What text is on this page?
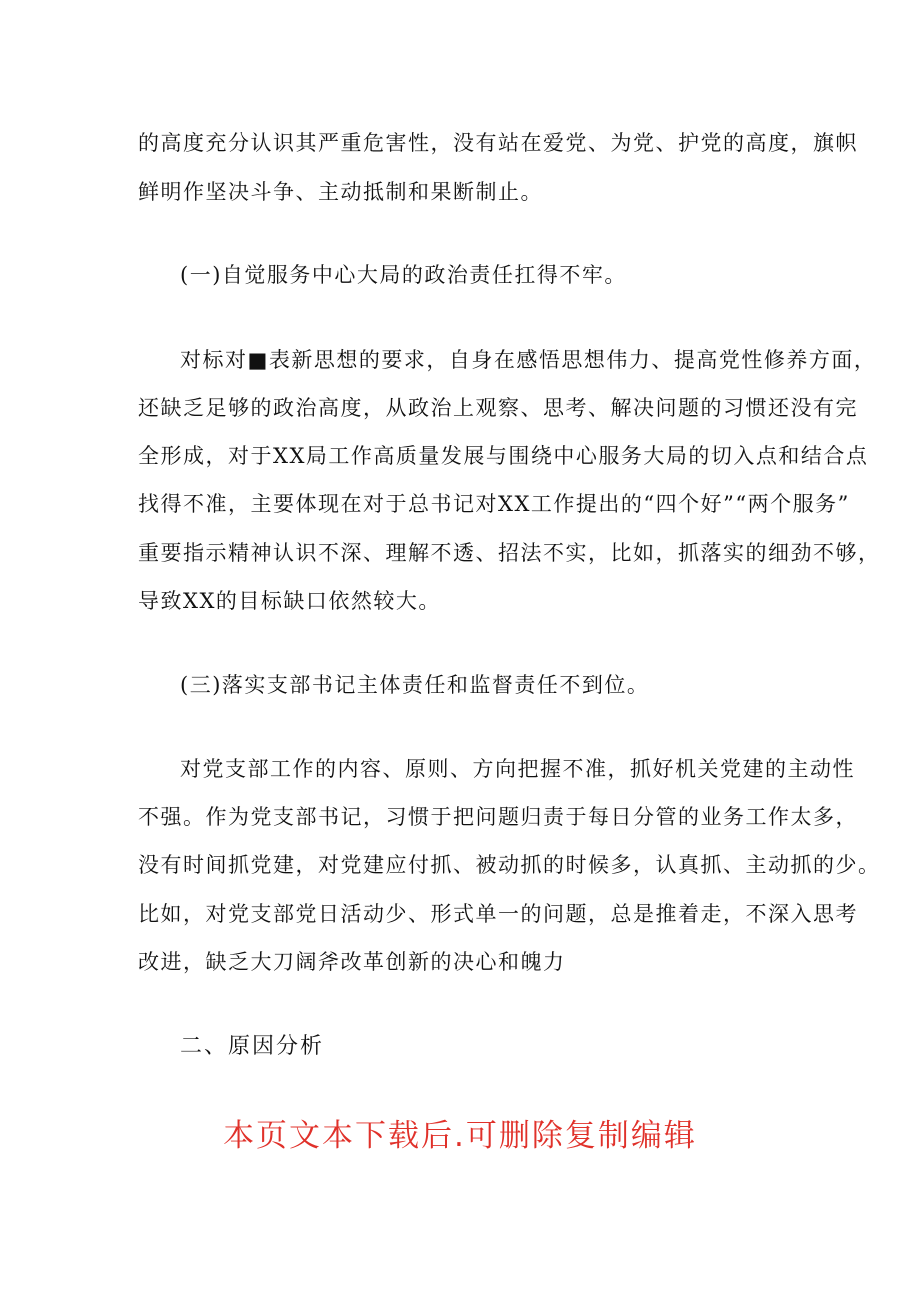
的高度充分认识其严重危害性，没有站在爱党、为党、护党的高度，旗帜
鲜明作坚决斗争、主动抵制和果断制止。
(一)自觉服务中心大局的政治责任扛得不牢。
对标对■表新思想的要求，自身在感悟思想伟力、提高党性修养方面，
还缺乏足够的政治高度，从政治上观察、思考、解决问题的习惯还没有完
全形成，对于XX局工作高质量发展与围绕中心服务大局的切入点和结合点
找得不准，主要体现在对于总书记对XX工作提出的“四个好”“两个服务”
重要指示精神认识不深、理解不透、招法不实，比如，抓落实的细劲不够，
导致XX的目标缺口依然较大。
(三)落实支部书记主体责任和监督责任不到位。
对党支部工作的内容、原则、方向把握不准，抓好机关党建的主动性
不强。作为党支部书记，习惯于把问题归责于每日分管的业务工作太多，
没有时间抓党建，对党建应付抓、被动抓的时候多，认真抓、主动抓的少。
比如，对党支部党日活动少、形式单一的问题，总是推着走，不深入思考
改进，缺乏大刀阔斧改革创新的决心和魄力
二、原因分析
本页文本下载后.可删除复制编辑
